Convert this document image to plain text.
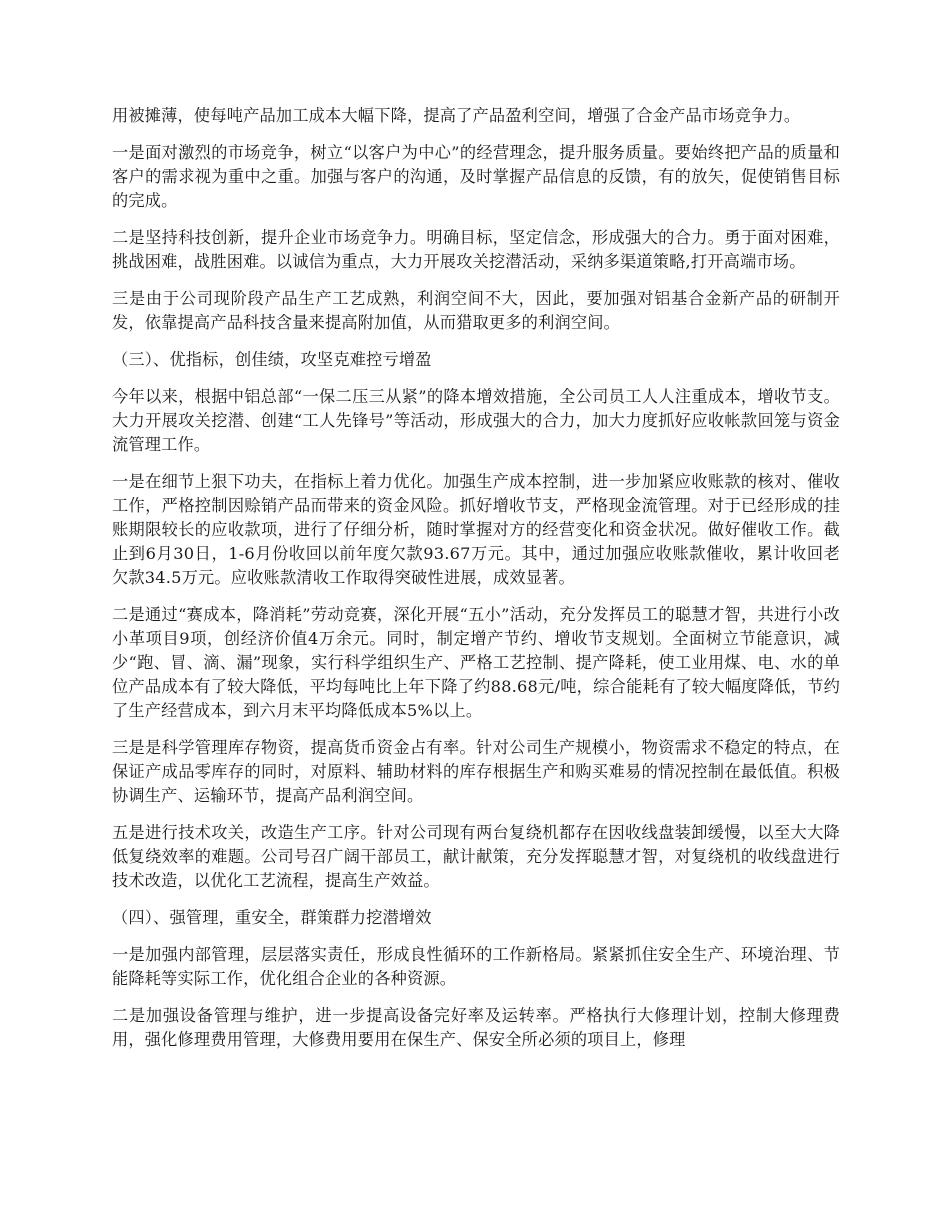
用被摊薄，使每吨产品加工成本大幅下降，提高了产品盈利空间，增强了合金产品市场竞争力。

一是面对激烈的市场竞争，树立“以客户为中心”的经营理念，提升服务质量。要始终把产品的质量和客户的需求视为重中之重。加强与客户的沟通，及时掌握产品信息的反馈，有的放矢，促使销售目标的完成。

二是坚持科技创新，提升企业市场竞争力。明确目标，坚定信念，形成强大的合力。勇于面对困难，挑战困难，战胜困难。以诚信为重点，大力开展攻关挖潜活动，采纳多渠道策略,打开高端市场。

三是由于公司现阶段产品生产工艺成熟，利润空间不大，因此，要加强对铝基合金新产品的研制开发，依靠提高产品科技含量来提高附加值，从而猎取更多的利润空间。

（三）、优指标，创佳绩，攻坚克难控亏增盈

今年以来，根据中铝总部“一保二压三从紧”的降本增效措施，全公司员工人人注重成本，增收节支。大力开展攻关挖潜、创建“工人先锋号”等活动，形成强大的合力，加大力度抓好应收帐款回笼与资金流管理工作。

一是在细节上狠下功夫，在指标上着力优化。加强生产成本控制，进一步加紧应收账款的核对、催收工作，严格控制因赊销产品而带来的资金风险。抓好增收节支，严格现金流管理。对于已经形成的挂账期限较长的应收款项，进行了仔细分析，随时掌握对方的经营变化和资金状况。做好催收工作。截止到6月30日，1-6月份收回以前年度欠款93.67万元。其中，通过加强应收账款催收，累计收回老欠款34.5万元。应收账款清收工作取得突破性进展，成效显著。

二是通过“赛成本，降消耗”劳动竞赛，深化开展“五小”活动，充分发挥员工的聪慧才智，共进行小改小革项目9项，创经济价值4万余元。同时，制定增产节约、增收节支规划。全面树立节能意识，减少“跑、冒、滴、漏”现象，实行科学组织生产、严格工艺控制、提产降耗，使工业用煤、电、水的单位产品成本有了较大降低，平均每吨比上年下降了约88.68元/吨，综合能耗有了较大幅度降低，节约了生产经营成本，到六月末平均降低成本5%以上。

三是是科学管理库存物资，提高货币资金占有率。针对公司生产规模小，物资需求不稳定的特点，在保证产成品零库存的同时，对原料、辅助材料的库存根据生产和购买难易的情况控制在最低值。积极协调生产、运输环节，提高产品利润空间。

五是进行技术攻关，改造生产工序。针对公司现有两台复绕机都存在因收线盘装卸缓慢，以至大大降低复绕效率的难题。公司号召广阔干部员工，献计献策，充分发挥聪慧才智，对复绕机的收线盘进行技术改造，以优化工艺流程，提高生产效益。

（四）、强管理，重安全，群策群力挖潜增效

一是加强内部管理，层层落实责任，形成良性循环的工作新格局。紧紧抓住安全生产、环境治理、节能降耗等实际工作，优化组合企业的各种资源。

二是加强设备管理与维护，进一步提高设备完好率及运转率。严格执行大修理计划，控制大修理费用，强化修理费用管理，大修费用要用在保生产、保安全所必须的项目上，修理
